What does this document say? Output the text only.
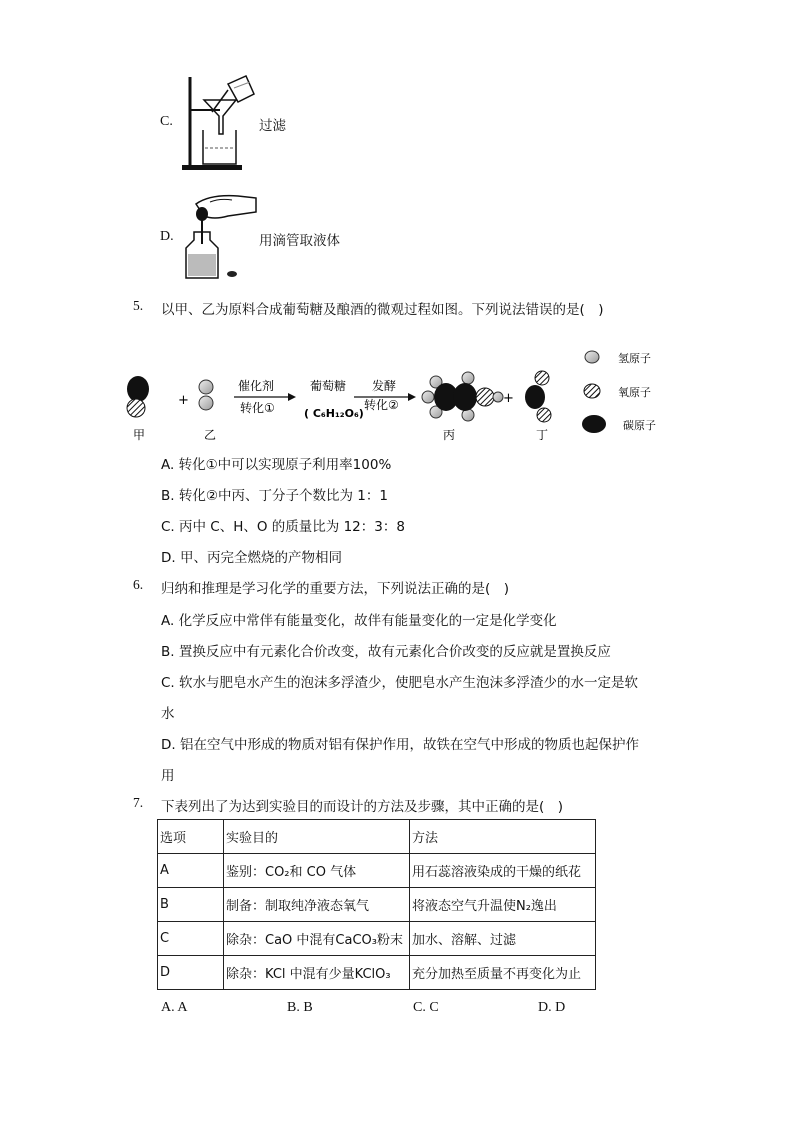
C.	过滤
D.	用滴管取液体
5. 以甲、乙为原料合成葡萄糖及酿酒的微观过程如图。下列说法错误的是(　)
+
催化剂
转化①
葡萄糖
( C₆H₁₂O₆)
发酵
转化②	+
甲	乙	丙	丁
氢原子
氧原子
碳原子
A. 转化①中可以实现原子利用率100%
B. 转化②中丙、丁分子个数比为 1：1
C. 丙中 C、H、O 的质量比为 12：3：8
D. 甲、丙完全燃烧的产物相同
6. 归纳和推理是学习化学的重要方法，下列说法正确的是(　)
A. 化学反应中常伴有能量变化，故伴有能量变化的一定是化学变化
B. 置换反应中有元素化合价改变，故有元素化合价改变的反应就是置换反应
C. 软水与肥皂水产生的泡沫多浮渣少，使肥皂水产生泡沫多浮渣少的水一定是软
水
D. 铝在空气中形成的物质对铝有保护作用，故铁在空气中形成的物质也起保护作
用
7. 下表列出了为达到实验目的而设计的方法及步骤，其中正确的是(　)
选项	实验目的	方法
A	鉴别：CO₂和 CO 气体	用石蕊溶液染成的干燥的纸花
B	制备：制取纯净液态氧气	将液态空气升温使N₂逸出
C	除杂：CaO 中混有CaCO₃粉末	加水、溶解、过滤
D	除杂：KCl 中混有少量KClO₃	充分加热至质量不再变化为止
A. A	B. B	C. C	D. D
